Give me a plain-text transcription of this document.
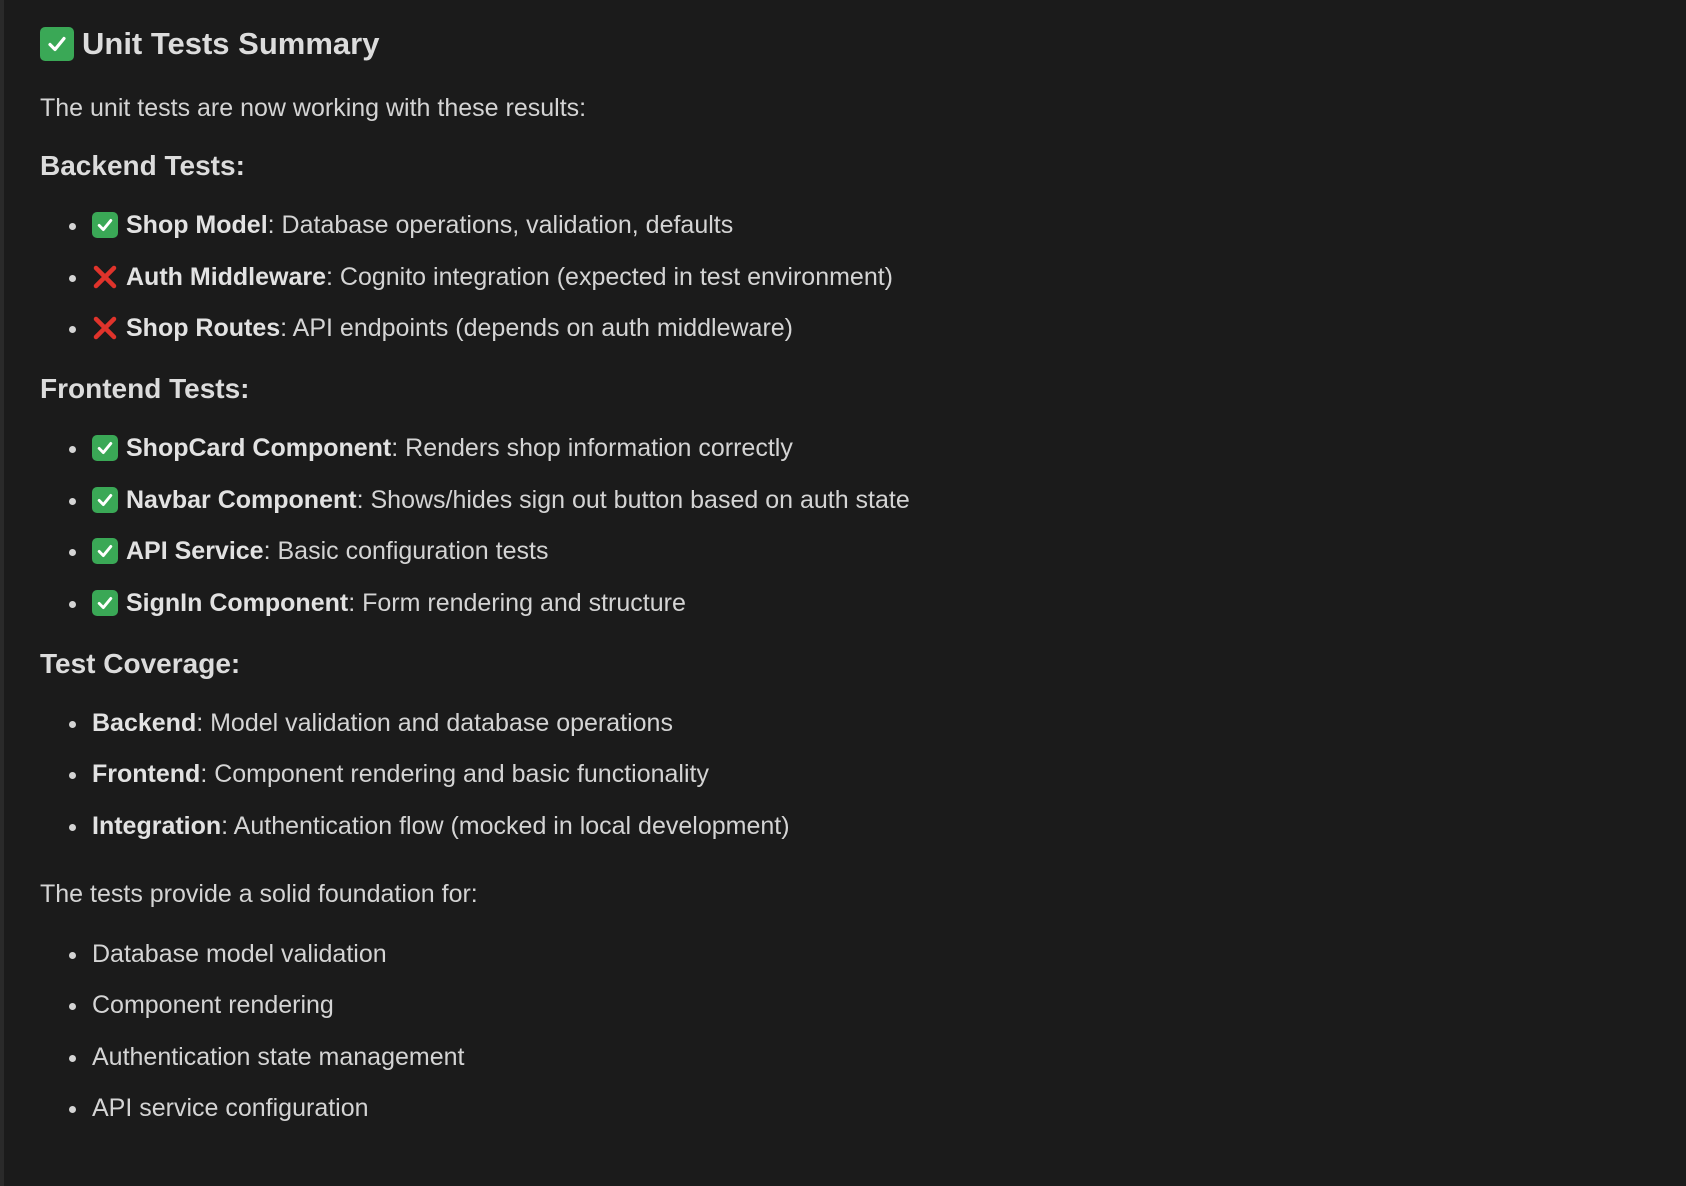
Unit Tests Summary
The unit tests are now working with these results:
Backend Tests:
Shop Model : Database operations, validation, defaults
Auth Middleware : Cognito integration (expected in test environment)
Shop Routes : API endpoints (depends on auth middleware)
Frontend Tests:
ShopCard Component : Renders shop information correctly
Navbar Component : Shows/hides sign out button based on auth state
API Service : Basic configuration tests
SignIn Component : Form rendering and structure
Test Coverage:
Backend : Model validation and database operations
Frontend : Component rendering and basic functionality
Integration : Authentication flow (mocked in local development)
The tests provide a solid foundation for:
Database model validation
Component rendering
Authentication state management
API service configuration
